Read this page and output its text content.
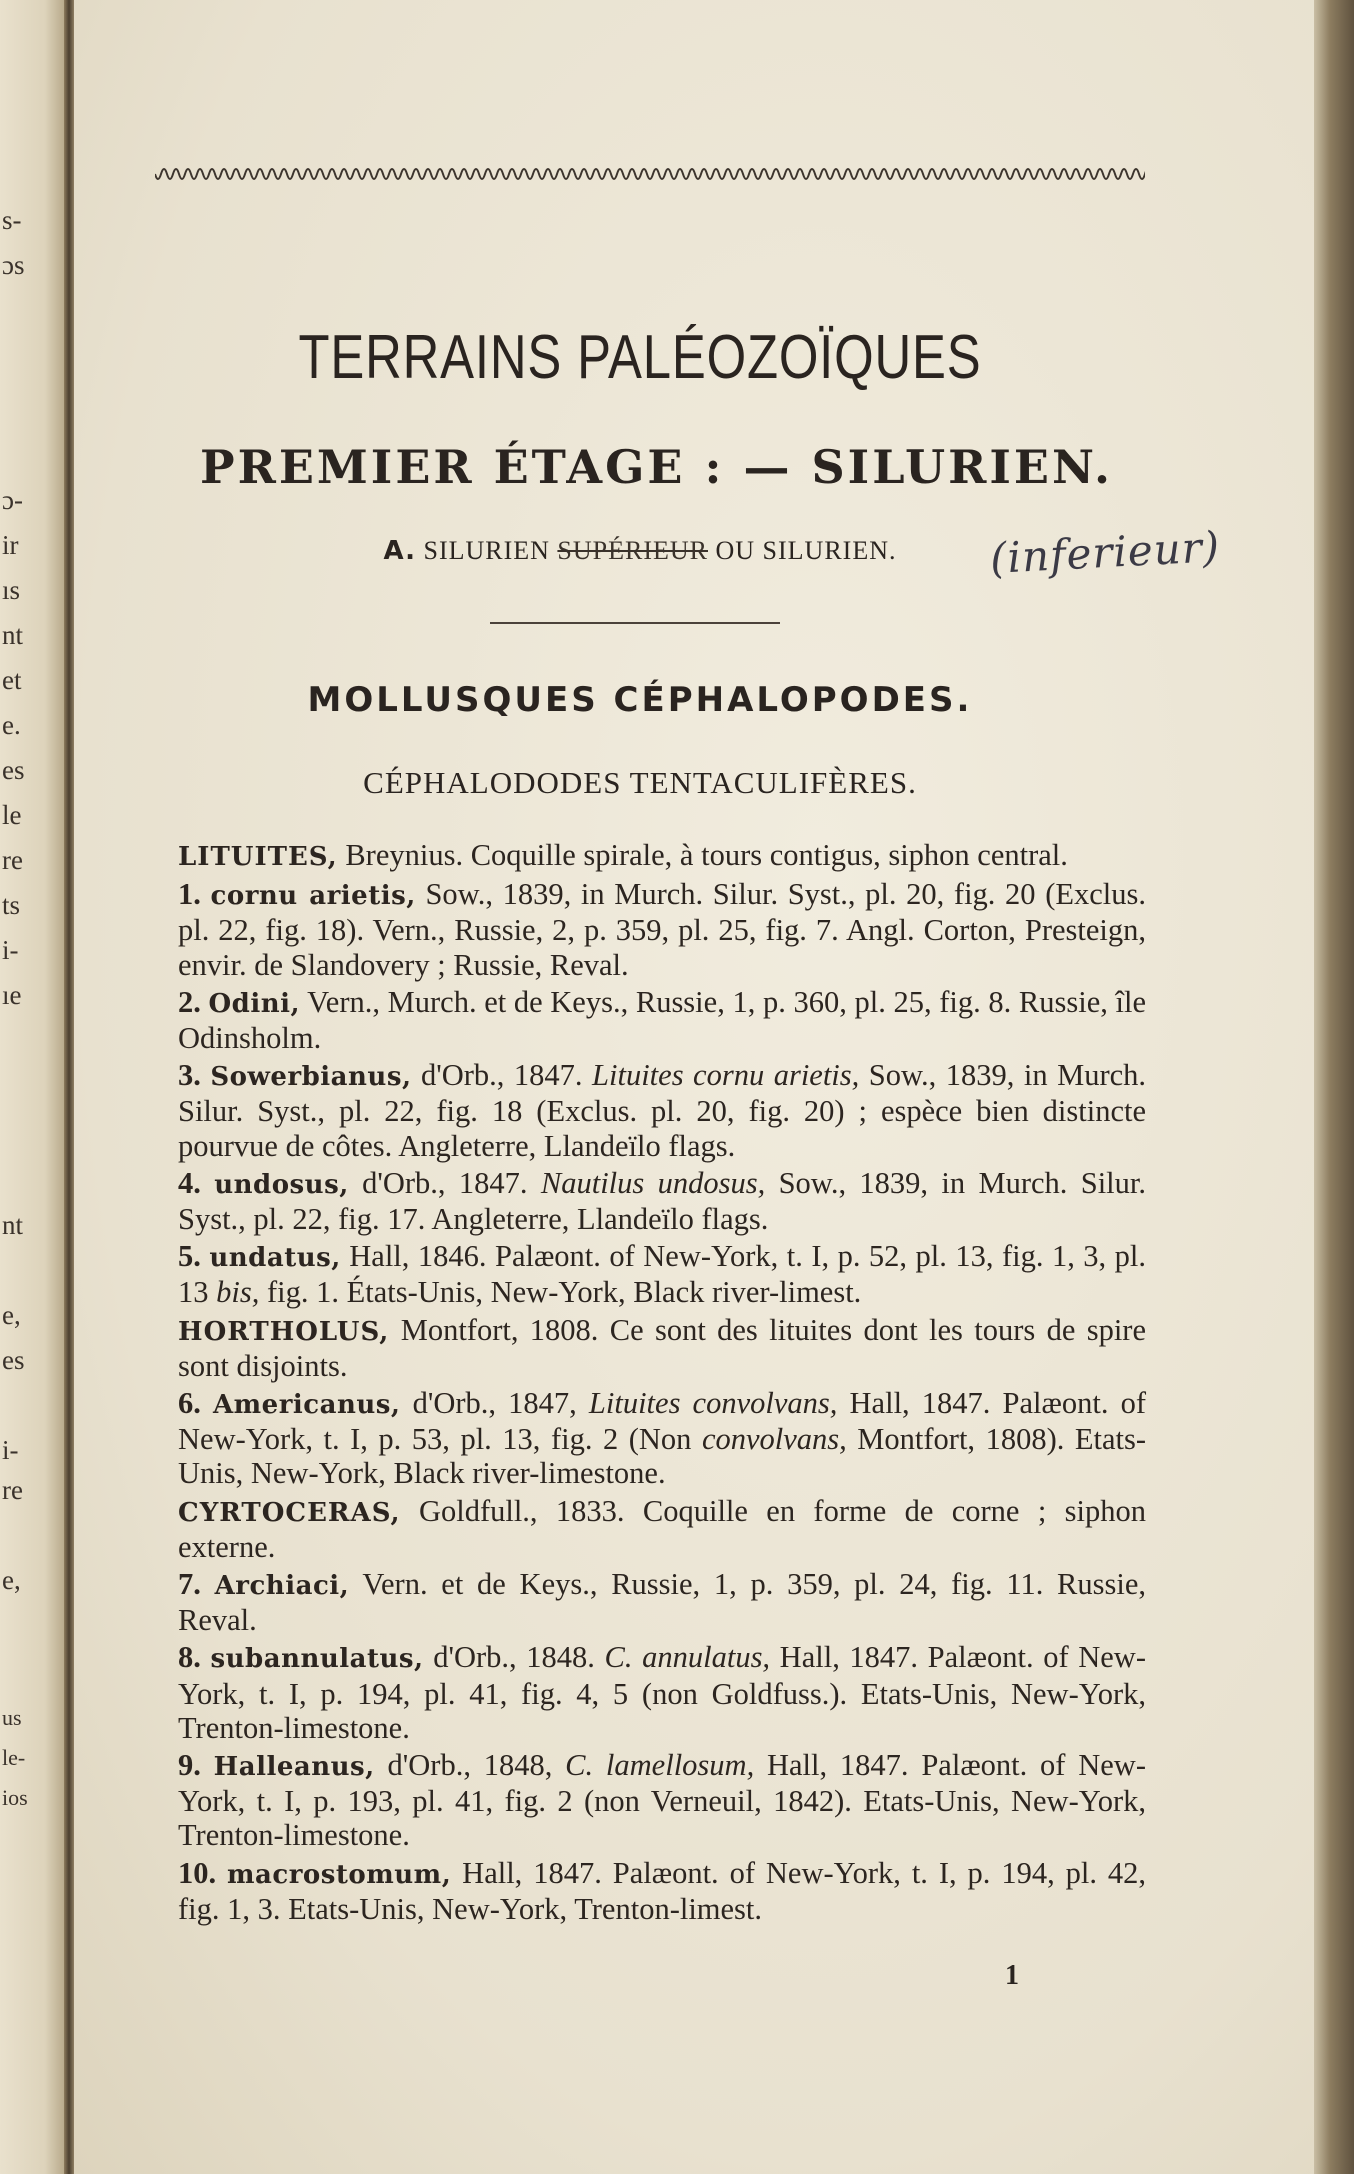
s-
ɔs
ɔ-
ir
ıs
nt
et
e.
es
le
re
ts
i-
ıe
nt
e,
es
i-
re
e,
us
le-
ios
TERRAINS PALÉOZOÏQUES
PREMIER ÉTAGE : — SILURIEN.
A. SILURIEN SUPÉRIEUR OU SILURIEN.	(inferieur)
MOLLUSQUES CÉPHALOPODES.
CÉPHALODODES TENTACULIFÈRES.

LITUITES, Breynius. Coquille spirale, à tours contigus, siphon central.

1. cornu arietis, Sow., 1839, in Murch. Silur. Syst., pl. 20, fig. 20 (Exclus. pl. 22, fig. 18). Vern., Russie, 2, p. 359, pl. 25, fig. 7. Angl. Corton, Presteign, envir. de Slandovery ; Russie, Reval.

2. Odini, Vern., Murch. et de Keys., Russie, 1, p. 360, pl. 25, fig. 8. Russie, île Odinsholm.

3. Sowerbianus, d'Orb., 1847. Lituites cornu arietis, Sow., 1839, in Murch. Silur. Syst., pl. 22, fig. 18 (Exclus. pl. 20, fig. 20) ; espèce bien distincte pourvue de côtes. Angleterre, Llandeïlo flags.

4. undosus, d'Orb., 1847. Nautilus undosus, Sow., 1839, in Murch. Silur. Syst., pl. 22, fig. 17. Angleterre, Llandeïlo flags.

5. undatus, Hall, 1846. Palæont. of New-York, t. I, p. 52, pl. 13, fig. 1, 3, pl. 13 bis, fig. 1. États-Unis, New-York, Black river-limest.

HORTHOLUS, Montfort, 1808. Ce sont des lituites dont les tours de spire sont disjoints.

6. Americanus, d'Orb., 1847, Lituites convolvans, Hall, 1847. Palæont. of New-York, t. I, p. 53, pl. 13, fig. 2 (Non convolvans, Montfort, 1808). Etats-Unis, New-York, Black river-limestone.

CYRTOCERAS, Goldfull., 1833. Coquille en forme de corne ; siphon externe.

7. Archiaci, Vern. et de Keys., Russie, 1, p. 359, pl. 24, fig. 11. Russie, Reval.

8. subannulatus, d'Orb., 1848. C. annulatus, Hall, 1847. Palæont. of New-York, t. I, p. 194, pl. 41, fig. 4, 5 (non Goldfuss.). Etats-Unis, New-York, Trenton-limestone.

9. Halleanus, d'Orb., 1848, C. lamellosum, Hall, 1847. Palæont. of New-York, t. I, p. 193, pl. 41, fig. 2 (non Verneuil, 1842). Etats-Unis, New-York, Trenton-limestone.

10. macrostomum, Hall, 1847. Palæont. of New-York, t. I, p. 194, pl. 42, fig. 1, 3. Etats-Unis, New-York, Trenton-limest.

1
